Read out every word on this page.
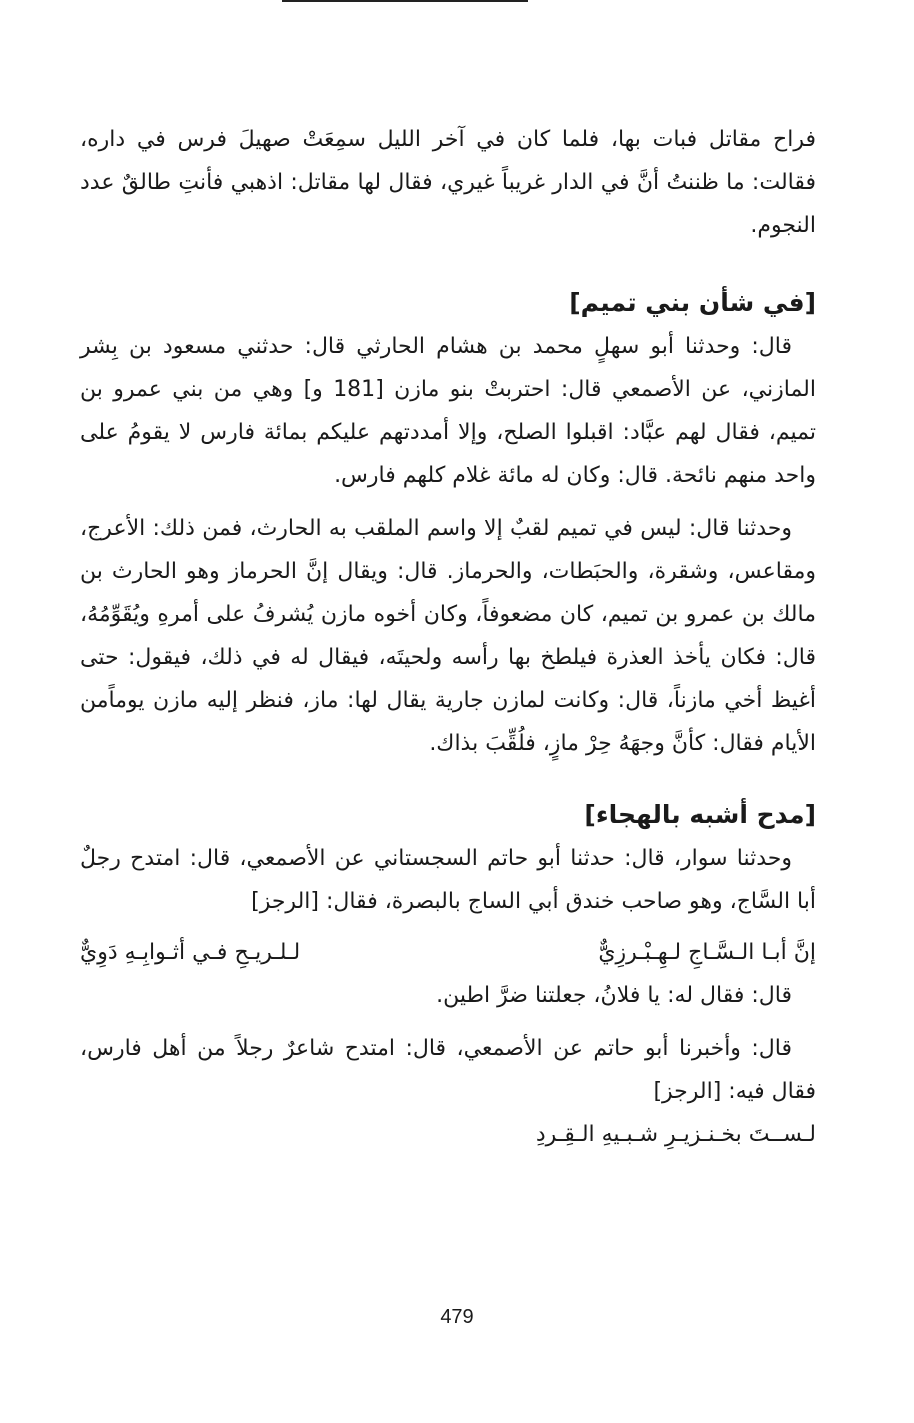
فراح مقاتل فبات بها، فلما كان في آخر الليل سمِعَتْ صهيلَ فرس في داره، فقالت: ما ظننتُ أنَّ في الدار غريباً غيري، فقال لها مقاتل: اذهبي فأنتِ طالقٌ عدد النجوم.

[في شأن بني تميم]

قال: وحدثنا أبو سهلٍ محمد بن هشام الحارثي قال: حدثني مسعود بن بِشر المازني، عن الأصمعي قال: احتربتْ بنو مازن [181 و] وهي من بني عمرو بن تميم، فقال لهم عبَّاد: اقبلوا الصلح، وإلا أمددتهم عليكم بمائة فارس لا يقومُ على واحد منهم نائحة. قال: وكان له مائة غلام كلهم فارس.

وحدثنا قال: ليس في تميم لقبٌ إلا واسم الملقب به الحارث، فمن ذلك: الأعرج، ومقاعس، وشقرة، والحبَطات، والحرماز. قال: ويقال إنَّ الحرماز وهو الحارث بن مالك بن عمرو بن تميم، كان مضعوفاً، وكان أخوه مازن يُشرفُ على أمرهِ ويُقَوِّمُهُ، قال: فكان يأخذ العذرة فيلطخ بها رأسه ولحيتَه، فيقال له في ذلك، فيقول: حتى أغيظ أخي مازناً، قال: وكانت لمازن جارية يقال لها: ماز، فنظر إليه مازن يوماًمن الأيام فقال: كأنَّ وجهَهُ حِرْ مازٍ، فلُقِّبَ بذاك.

[مدح أشبه بالهجاء]

وحدثنا سوار، قال: حدثنا أبو حاتم السجستاني عن الأصمعي، قال: امتدح رجلٌ أبا السَّاج، وهو صاحب خندق أبي الساج بالبصرة، فقال: [الرجز]

إنَّ أبـا الـسَّـاجِ لـهِـبْـرزِيٌّ
لـلـريـحِ فـي أثـوابِـهِ دَوِيٌّ

قال: فقال له: يا فلانُ، جعلتنا ضرَّ اطين.

قال: وأخبرنا أبو حاتم عن الأصمعي، قال: امتدح شاعرٌ رجلاً من أهل فارس، فقال فيه: [الرجز]

لـســتَ بخـنـزيـرِ شـبـيهِ الـقِـردِ

479
